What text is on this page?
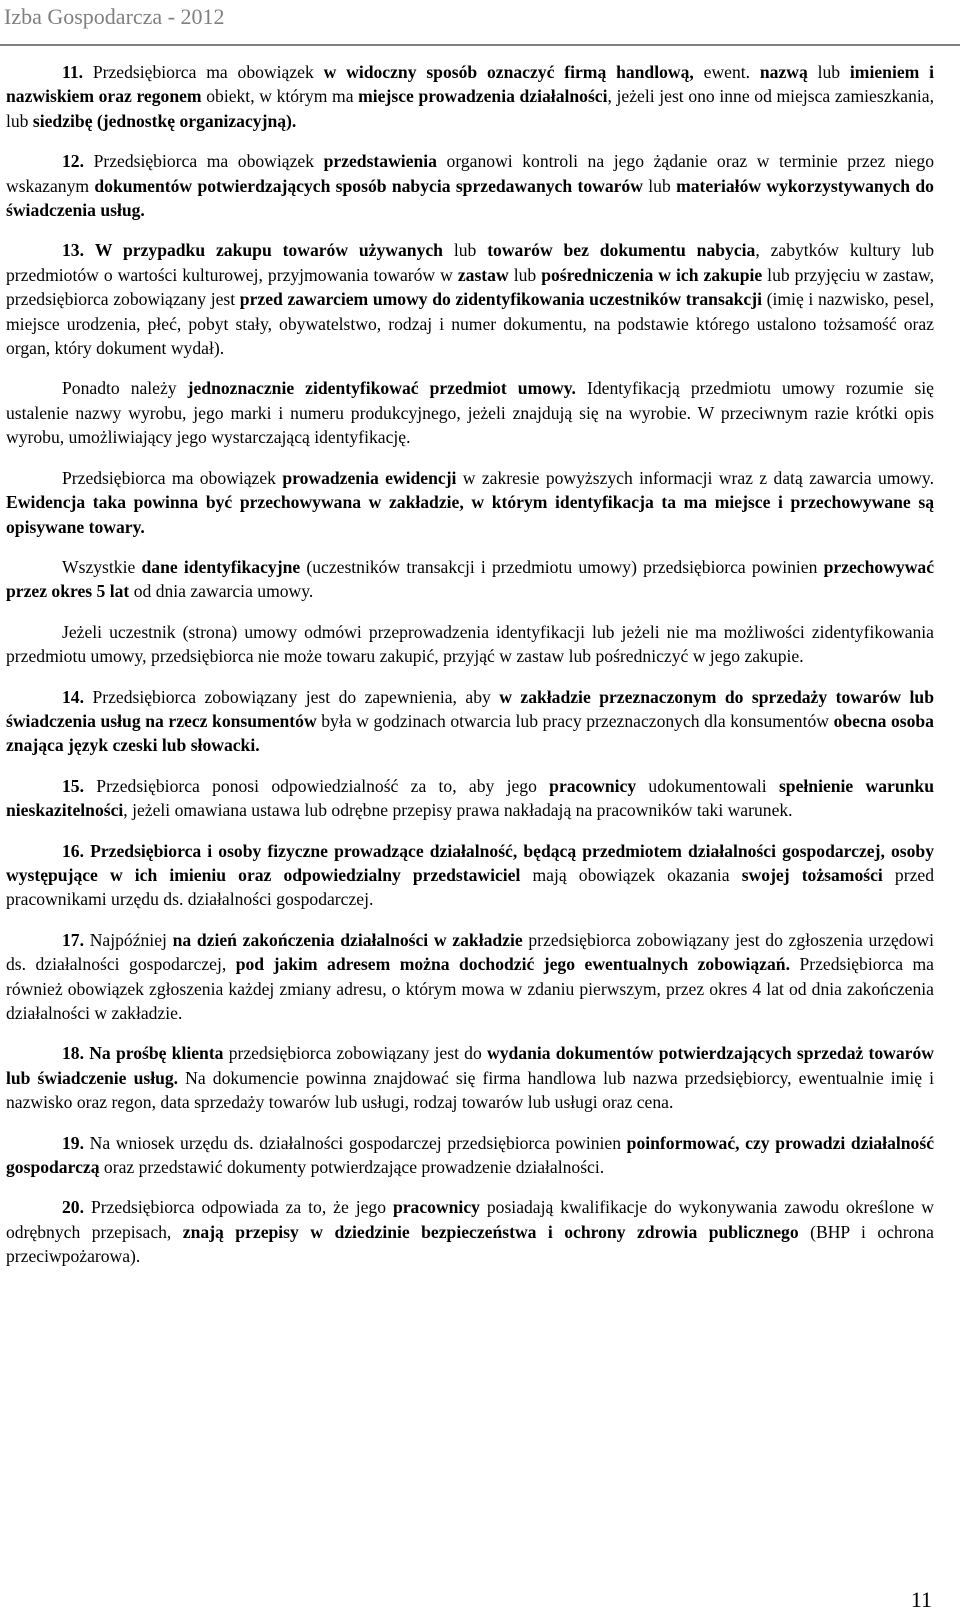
Izba Gospodarcza - 2012

11. Przedsiębiorca ma obowiązek w widoczny sposób oznaczyć firmą handlową, ewent. nazwą lub imieniem i nazwiskiem oraz regonem obiekt, w którym ma miejsce prowadzenia działalności, jeżeli jest ono inne od miejsca zamieszkania, lub siedzibę (jednostkę organizacyjną).

12. Przedsiębiorca ma obowiązek przedstawienia organowi kontroli na jego żądanie oraz w terminie przez niego wskazanym dokumentów potwierdzających sposób nabycia sprzedawanych towarów lub materiałów wykorzystywanych do świadczenia usług.

13. W przypadku zakupu towarów używanych lub towarów bez dokumentu nabycia, zabytków kultury lub przedmiotów o wartości kulturowej, przyjmowania towarów w zastaw lub pośredniczenia w ich zakupie lub przyjęciu w zastaw, przedsiębiorca zobowiązany jest przed zawarciem umowy do zidentyfikowania uczestników transakcji (imię i nazwisko, pesel, miejsce urodzenia, płeć, pobyt stały, obywatelstwo, rodzaj i numer dokumentu, na podstawie którego ustalono tożsamość oraz organ, który dokument wydał).

Ponadto należy jednoznacznie zidentyfikować przedmiot umowy. Identyfikacją przedmiotu umowy rozumie się ustalenie nazwy wyrobu, jego marki i numeru produkcyjnego, jeżeli znajdują się na wyrobie. W przeciwnym razie krótki opis wyrobu, umożliwiający jego wystarczającą identyfikację.

Przedsiębiorca ma obowiązek prowadzenia ewidencji w zakresie powyższych informacji wraz z datą zawarcia umowy. Ewidencja taka powinna być przechowywana w zakładzie, w którym identyfikacja ta ma miejsce i przechowywane są opisywane towary.

Wszystkie dane identyfikacyjne (uczestników transakcji i przedmiotu umowy) przedsiębiorca powinien przechowywać przez okres 5 lat od dnia zawarcia umowy.

Jeżeli uczestnik (strona) umowy odmówi przeprowadzenia identyfikacji lub jeżeli nie ma możliwości zidentyfikowania przedmiotu umowy, przedsiębiorca nie może towaru zakupić, przyjąć w zastaw lub pośredniczyć w jego zakupie.

14. Przedsiębiorca zobowiązany jest do zapewnienia, aby w zakładzie przeznaczonym do sprzedaży towarów lub świadczenia usług na rzecz konsumentów była w godzinach otwarcia lub pracy przeznaczonych dla konsumentów obecna osoba znająca język czeski lub słowacki.

15. Przedsiębiorca ponosi odpowiedzialność za to, aby jego pracownicy udokumentowali spełnienie warunku nieskazitelności, jeżeli omawiana ustawa lub odrębne przepisy prawa nakładają na pracowników taki warunek.

16. Przedsiębiorca i osoby fizyczne prowadzące działalność, będącą przedmiotem działalności gospodarczej, osoby występujące w ich imieniu oraz odpowiedzialny przedstawiciel mają obowiązek okazania swojej tożsamości przed pracownikami urzędu ds. działalności gospodarczej.

17. Najpóźniej na dzień zakończenia działalności w zakładzie przedsiębiorca zobowiązany jest do zgłoszenia urzędowi ds. działalności gospodarczej, pod jakim adresem można dochodzić jego ewentualnych zobowiązań. Przedsiębiorca ma również obowiązek zgłoszenia każdej zmiany adresu, o którym mowa w zdaniu pierwszym, przez okres 4 lat od dnia zakończenia działalności w zakładzie.

18. Na prośbę klienta przedsiębiorca zobowiązany jest do wydania dokumentów potwierdzających sprzedaż towarów lub świadczenie usług. Na dokumencie powinna znajdować się firma handlowa lub nazwa przedsiębiorcy, ewentualnie imię i nazwisko oraz regon, data sprzedaży towarów lub usługi, rodzaj towarów lub usługi oraz cena.

19. Na wniosek urzędu ds. działalności gospodarczej przedsiębiorca powinien poinformować, czy prowadzi działalność gospodarczą oraz przedstawić dokumenty potwierdzające prowadzenie działalności.

20. Przedsiębiorca odpowiada za to, że jego pracownicy posiadają kwalifikacje do wykonywania zawodu określone w odrębnych przepisach, znają przepisy w dziedzinie bezpieczeństwa i ochrony zdrowia publicznego (BHP i ochrona przeciwpożarowa).

11
